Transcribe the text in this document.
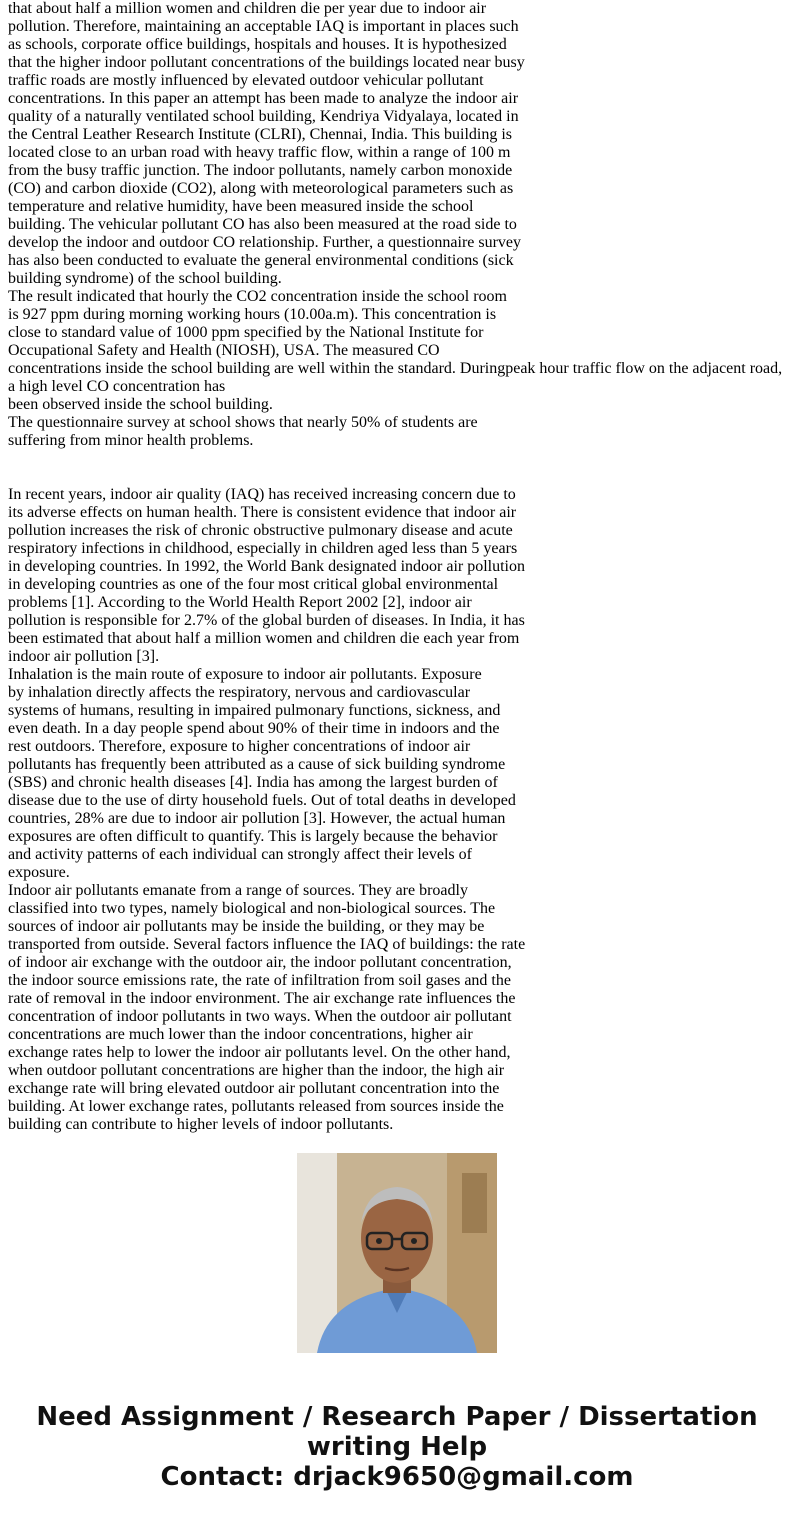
that about half a million women and children die per year due to indoor air
pollution. Therefore, maintaining an acceptable IAQ is important in places such
as schools, corporate office buildings, hospitals and houses. It is hypothesized
that the higher indoor pollutant concentrations of the buildings located near busy
traffic roads are mostly influenced by elevated outdoor vehicular pollutant
concentrations. In this paper an attempt has been made to analyze the indoor air
quality of a naturally ventilated school building, Kendriya Vidyalaya, located in
the Central Leather Research Institute (CLRI), Chennai, India. This building is
located close to an urban road with heavy traffic flow, within a range of 100 m
from the busy traffic junction. The indoor pollutants, namely carbon monoxide
(CO) and carbon dioxide (CO2), along with meteorological parameters such as
temperature and relative humidity, have been measured inside the school
building. The vehicular pollutant CO has also been measured at the road side to
develop the indoor and outdoor CO relationship. Further, a questionnaire survey
has also been conducted to evaluate the general environmental conditions (sick
building syndrome) of the school building.
The result indicated that hourly the CO2 concentration inside the school room
is 927 ppm during morning working hours (10.00a.m). This concentration is
close to standard value of 1000 ppm specified by the National Institute for
Occupational Safety and Health (NIOSH), USA. The measured CO
concentrations inside the school building are well within the standard. Duringpeak hour traffic flow on the adjacent road,
a high level CO concentration has
been observed inside the school building.
The questionnaire survey at school shows that nearly 50% of students are
suffering from minor health problems.
In recent years, indoor air quality (IAQ) has received increasing concern due to
its adverse effects on human health. There is consistent evidence that indoor air
pollution increases the risk of chronic obstructive pulmonary disease and acute
respiratory infections in childhood, especially in children aged less than 5 years
in developing countries. In 1992, the World Bank designated indoor air pollution
in developing countries as one of the four most critical global environmental
problems [1]. According to the World Health Report 2002 [2], indoor air
pollution is responsible for 2.7% of the global burden of diseases. In India, it has
been estimated that about half a million women and children die each year from
indoor air pollution [3].
Inhalation is the main route of exposure to indoor air pollutants. Exposure
by inhalation directly affects the respiratory, nervous and cardiovascular
systems of humans, resulting in impaired pulmonary functions, sickness, and
even death. In a day people spend about 90% of their time in indoors and the
rest outdoors. Therefore, exposure to higher concentrations of indoor air
pollutants has frequently been attributed as a cause of sick building syndrome
(SBS) and chronic health diseases [4]. India has among the largest burden of
disease due to the use of dirty household fuels. Out of total deaths in developed
countries, 28% are due to indoor air pollution [3]. However, the actual human
exposures are often difficult to quantify. This is largely because the behavior
and activity patterns of each individual can strongly affect their levels of
exposure.
Indoor air pollutants emanate from a range of sources. They are broadly
classified into two types, namely biological and non-biological sources. The
sources of indoor air pollutants may be inside the building, or they may be
transported from outside. Several factors influence the IAQ of buildings: the rate
of indoor air exchange with the outdoor air, the indoor pollutant concentration,
the indoor source emissions rate, the rate of infiltration from soil gases and the
rate of removal in the indoor environment. The air exchange rate influences the
concentration of indoor pollutants in two ways. When the outdoor air pollutant
concentrations are much lower than the indoor concentrations, higher air
exchange rates help to lower the indoor air pollutants level. On the other hand,
when outdoor pollutant concentrations are higher than the indoor, the high air
exchange rate will bring elevated outdoor air pollutant concentration into the
building. At lower exchange rates, pollutants released from sources inside the
building can contribute to higher levels of indoor pollutants.
Need Assignment / Research Paper / Dissertation
writing Help
Contact: drjack9650@gmail.com
